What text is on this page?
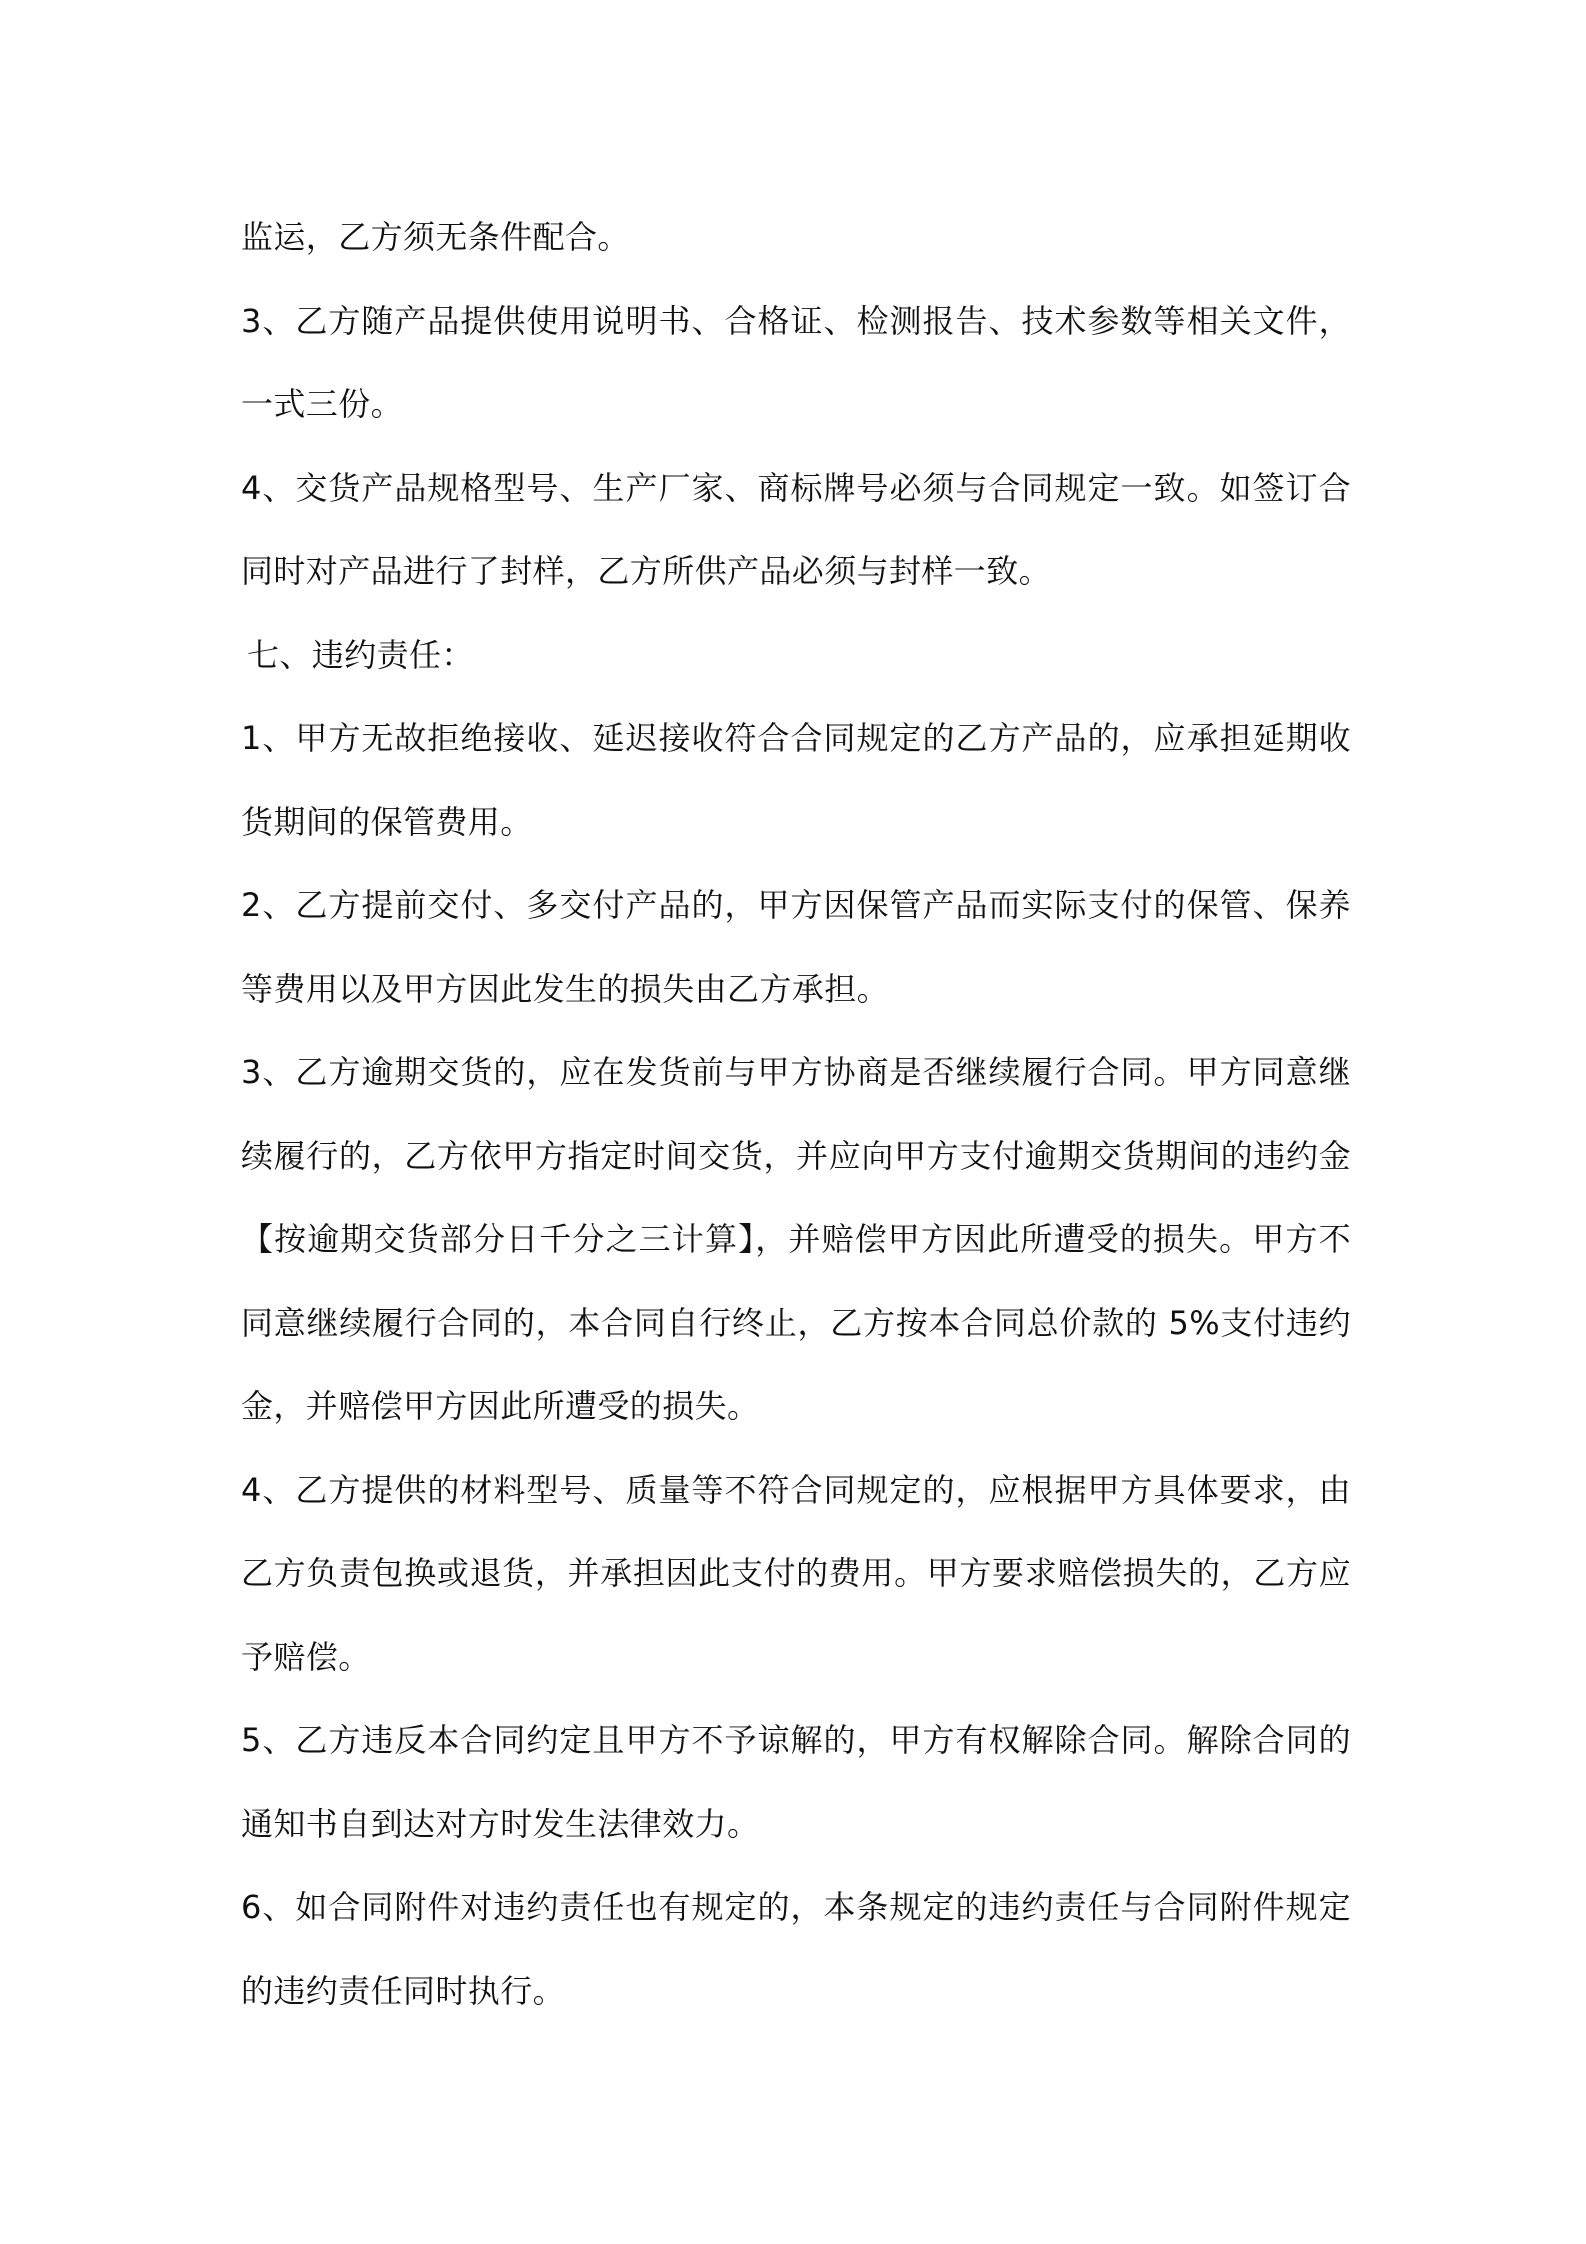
监运，乙方须无条件配合。

3、乙方随产品提供使用说明书、合格证、检测报告、技术参数等相关文件，一式三份。

4、交货产品规格型号、生产厂家、商标牌号必须与合同规定一致。如签订合同时对产品进行了封样，乙方所供产品必须与封样一致。

七、违约责任：

1、甲方无故拒绝接收、延迟接收符合合同规定的乙方产品的，应承担延期收货期间的保管费用。

2、乙方提前交付、多交付产品的，甲方因保管产品而实际支付的保管、保养等费用以及甲方因此发生的损失由乙方承担。

3、乙方逾期交货的，应在发货前与甲方协商是否继续履行合同。甲方同意继续履行的，乙方依甲方指定时间交货，并应向甲方支付逾期交货期间的违约金【按逾期交货部分日千分之三计算】，并赔偿甲方因此所遭受的损失。甲方不同意继续履行合同的，本合同自行终止，乙方按本合同总价款的 5%支付违约金，并赔偿甲方因此所遭受的损失。

4、乙方提供的材料型号、质量等不符合同规定的，应根据甲方具体要求，由乙方负责包换或退货，并承担因此支付的费用。甲方要求赔偿损失的，乙方应予赔偿。

5、乙方违反本合同约定且甲方不予谅解的，甲方有权解除合同。解除合同的通知书自到达对方时发生法律效力。

6、如合同附件对违约责任也有规定的，本条规定的违约责任与合同附件规定的违约责任同时执行。
